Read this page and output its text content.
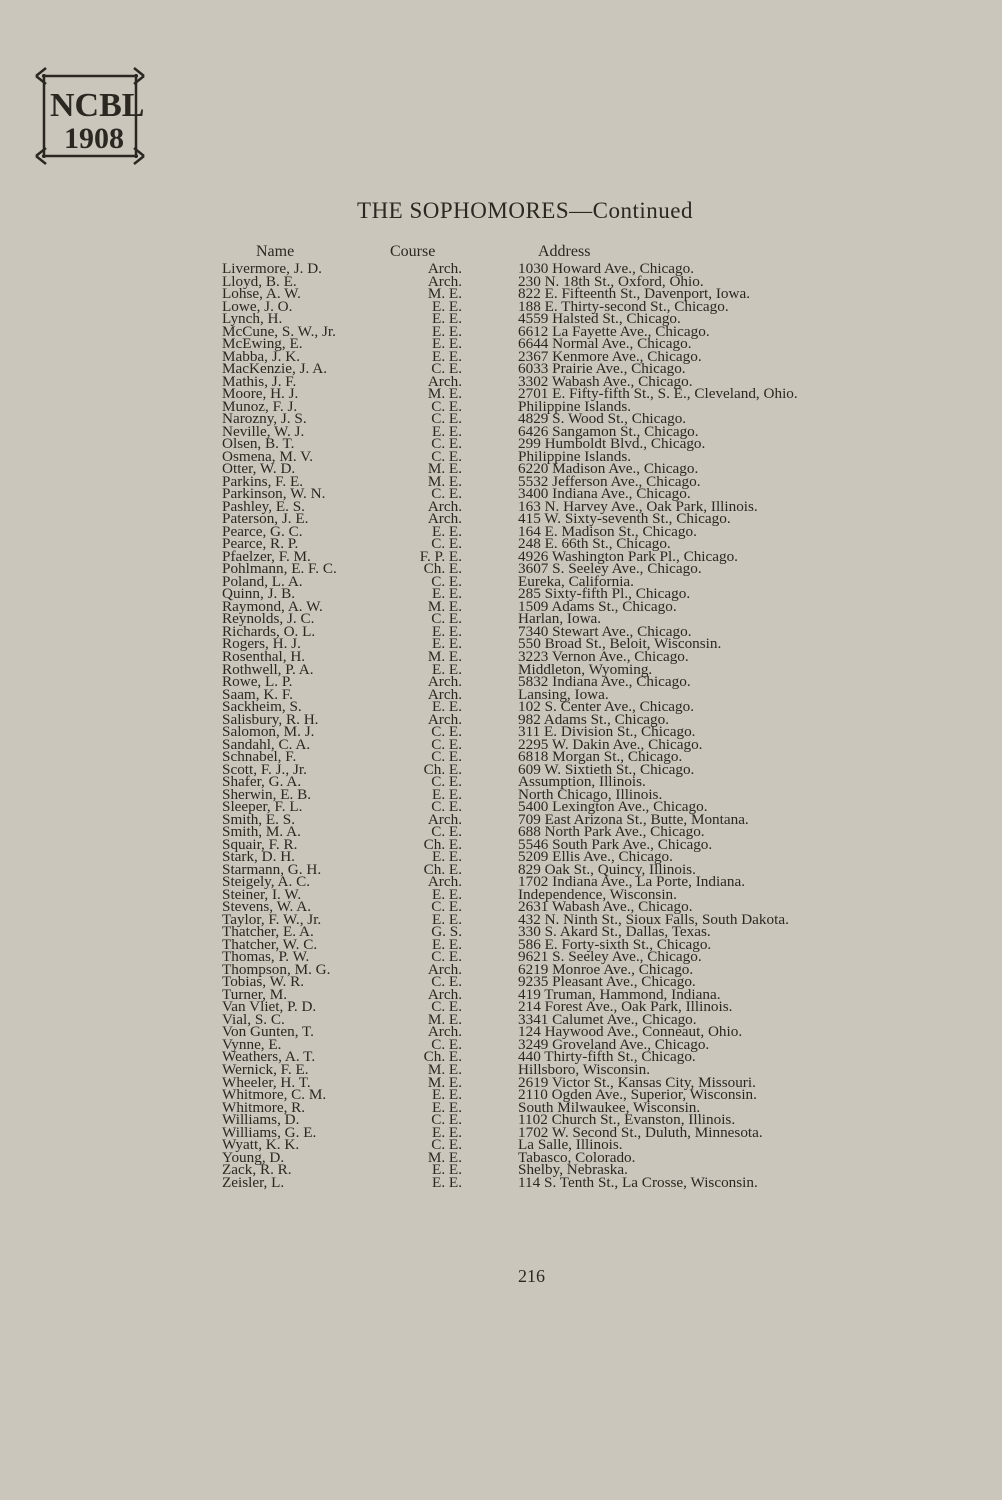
NCBL
1908
THE SOPHOMORES—Continued
Name	Course	Address
Livermore, J. D.	Arch.	1030 Howard Ave., Chicago.
Lloyd, B. E.	Arch.	230 N. 18th St., Oxford, Ohio.
Lohse, A. W.	M. E.	822 E. Fifteenth St., Davenport, Iowa.
Lowe, J. O.	E. E.	188 E. Thirty-second St., Chicago.
Lynch, H.	E. E.	4559 Halsted St., Chicago.
McCune, S. W., Jr.	E. E.	6612 La Fayette Ave., Chicago.
McEwing, E.	E. E.	6644 Normal Ave., Chicago.
Mabba, J. K.	E. E.	2367 Kenmore Ave., Chicago.
MacKenzie, J. A.	C. E.	6033 Prairie Ave., Chicago.
Mathis, J. F.	Arch.	3302 Wabash Ave., Chicago.
Moore, H. J.	M. E.	2701 E. Fifty-fifth St., S. E., Cleveland, Ohio.
Munoz, F. J.	C. E.	Philippine Islands.
Narozny, J. S.	C. E.	4829 S. Wood St., Chicago.
Neville, W. J.	E. E.	6426 Sangamon St., Chicago.
Olsen, B. T.	C. E.	299 Humboldt Blvd., Chicago.
Osmena, M. V.	C. E.	Philippine Islands.
Otter, W. D.	M. E.	6220 Madison Ave., Chicago.
Parkins, F. E.	M. E.	5532 Jefferson Ave., Chicago.
Parkinson, W. N.	C. E.	3400 Indiana Ave., Chicago.
Pashley, E. S.	Arch.	163 N. Harvey Ave., Oak Park, Illinois.
Paterson, J. E.	Arch.	415 W. Sixty-seventh St., Chicago.
Pearce, G. C.	E. E.	164 E. Madison St., Chicago.
Pearce, R. P.	C. E.	248 E. 66th St., Chicago.
Pfaelzer, F. M.	F. P. E.	4926 Washington Park Pl., Chicago.
Pohlmann, E. F. C.	Ch. E.	3607 S. Seeley Ave., Chicago.
Poland, L. A.	C. E.	Eureka, California.
Quinn, J. B.	E. E.	285 Sixty-fifth Pl., Chicago.
Raymond, A. W.	M. E.	1509 Adams St., Chicago.
Reynolds, J. C.	C. E.	Harlan, Iowa.
Richards, O. L.	E. E.	7340 Stewart Ave., Chicago.
Rogers, H. J.	E. E.	550 Broad St., Beloit, Wisconsin.
Rosenthal, H.	M. E.	3223 Vernon Ave., Chicago.
Rothwell, P. A.	E. E.	Middleton, Wyoming.
Rowe, L. P.	Arch.	5832 Indiana Ave., Chicago.
Saam, K. F.	Arch.	Lansing, Iowa.
Sackheim, S.	E. E.	102 S. Center Ave., Chicago.
Salisbury, R. H.	Arch.	982 Adams St., Chicago.
Salomon, M. J.	C. E.	311 E. Division St., Chicago.
Sandahl, C. A.	C. E.	2295 W. Dakin Ave., Chicago.
Schnabel, F.	C. E.	6818 Morgan St., Chicago.
Scott, F. J., Jr.	Ch. E.	609 W. Sixtieth St., Chicago.
Shafer, G. A.	C. E.	Assumption, Illinois.
Sherwin, E. B.	E. E.	North Chicago, Illinois.
Sleeper, F. L.	C. E.	5400 Lexington Ave., Chicago.
Smith, E. S.	Arch.	709 East Arizona St., Butte, Montana.
Smith, M. A.	C. E.	688 North Park Ave., Chicago.
Squair, F. R.	Ch. E.	5546 South Park Ave., Chicago.
Stark, D. H.	E. E.	5209 Ellis Ave., Chicago.
Starmann, G. H.	Ch. E.	829 Oak St., Quincy, Illinois.
Steigely, A. C.	Arch.	1702 Indiana Ave., La Porte, Indiana.
Steiner, I. W.	E. E.	Independence, Wisconsin.
Stevens, W. A.	C. E.	2631 Wabash Ave., Chicago.
Taylor, F. W., Jr.	E. E.	432 N. Ninth St., Sioux Falls, South Dakota.
Thatcher, E. A.	G. S.	330 S. Akard St., Dallas, Texas.
Thatcher, W. C.	E. E.	586 E. Forty-sixth St., Chicago.
Thomas, P. W.	C. E.	9621 S. Seeley Ave., Chicago.
Thompson, M. G.	Arch.	6219 Monroe Ave., Chicago.
Tobias, W. R.	C. E.	9235 Pleasant Ave., Chicago.
Turner, M.	Arch.	419 Truman, Hammond, Indiana.
Van Vliet, P. D.	C. E.	214 Forest Ave., Oak Park, Illinois.
Vial, S. C.	M. E.	3341 Calumet Ave., Chicago.
Von Gunten, T.	Arch.	124 Haywood Ave., Conneaut, Ohio.
Vynne, E.	C. E.	3249 Groveland Ave., Chicago.
Weathers, A. T.	Ch. E.	440 Thirty-fifth St., Chicago.
Wernick, F. E.	M. E.	Hillsboro, Wisconsin.
Wheeler, H. T.	M. E.	2619 Victor St., Kansas City, Missouri.
Whitmore, C. M.	E. E.	2110 Ogden Ave., Superior, Wisconsin.
Whitmore, R.	E. E.	South Milwaukee, Wisconsin.
Williams, D.	C. E.	1102 Church St., Evanston, Illinois.
Williams, G. E.	E. E.	1702 W. Second St., Duluth, Minnesota.
Wyatt, K. K.	C. E.	La Salle, Illinois.
Young, D.	M. E.	Tabasco, Colorado.
Zack, R. R.	E. E.	Shelby, Nebraska.
Zeisler, L.	E. E.	114 S. Tenth St., La Crosse, Wisconsin.
216
